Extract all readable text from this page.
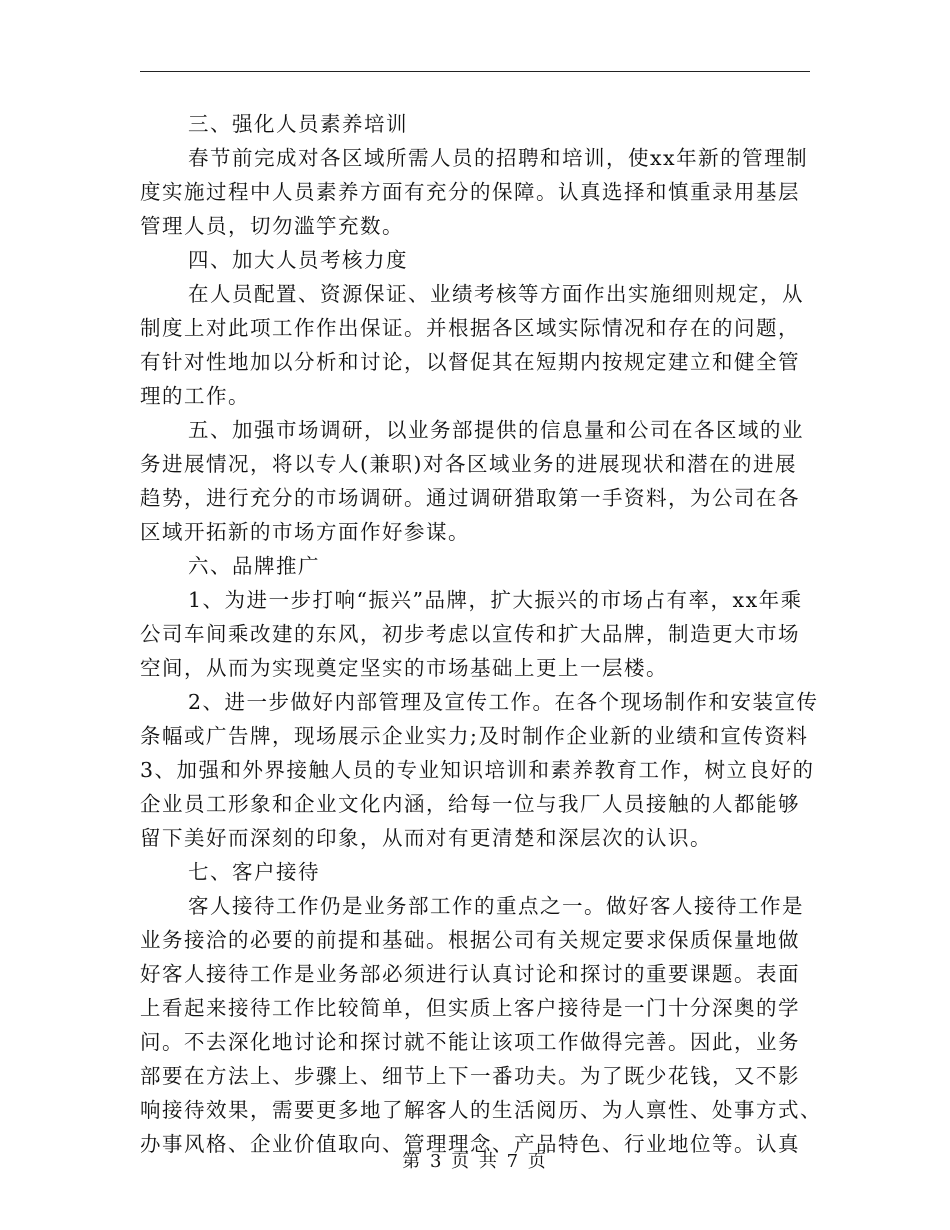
三、强化人员素养培训
春节前完成对各区域所需人员的招聘和培训，使xx年新的管理制
度实施过程中人员素养方面有充分的保障。认真选择和慎重录用基层
管理人员，切勿滥竽充数。
四、加大人员考核力度
在人员配置、资源保证、业绩考核等方面作出实施细则规定，从
制度上对此项工作作出保证。并根据各区域实际情况和存在的问题，
有针对性地加以分析和讨论，以督促其在短期内按规定建立和健全管
理的工作。
五、加强市场调研，以业务部提供的信息量和公司在各区域的业
务进展情况，将以专人(兼职)对各区域业务的进展现状和潜在的进展
趋势，进行充分的市场调研。通过调研猎取第一手资料，为公司在各
区域开拓新的市场方面作好参谋。
六、品牌推广
1、为进一步打响“振兴”品牌，扩大振兴的市场占有率，xx年乘
公司车间乘改建的东风，初步考虑以宣传和扩大品牌，制造更大市场
空间，从而为实现奠定坚实的市场基础上更上一层楼。
2、进一步做好内部管理及宣传工作。在各个现场制作和安装宣传
条幅或广告牌，现场展示企业实力;及时制作企业新的业绩和宣传资料
3、加强和外界接触人员的专业知识培训和素养教育工作，树立良好的
企业员工形象和企业文化内涵，给每一位与我厂人员接触的人都能够
留下美好而深刻的印象，从而对有更清楚和深层次的认识。
七、客户接待
客人接待工作仍是业务部工作的重点之一。做好客人接待工作是
业务接洽的必要的前提和基础。根据公司有关规定要求保质保量地做
好客人接待工作是业务部必须进行认真讨论和探讨的重要课题。表面
上看起来接待工作比较简单，但实质上客户接待是一门十分深奥的学
问。不去深化地讨论和探讨就不能让该项工作做得完善。因此，业务
部要在方法上、步骤上、细节上下一番功夫。为了既少花钱，又不影
响接待效果，需要更多地了解客人的生活阅历、为人禀性、处事方式、
办事风格、企业价值取向、管理理念、产品特色、行业地位等。认真
第 3 页 共 7 页
